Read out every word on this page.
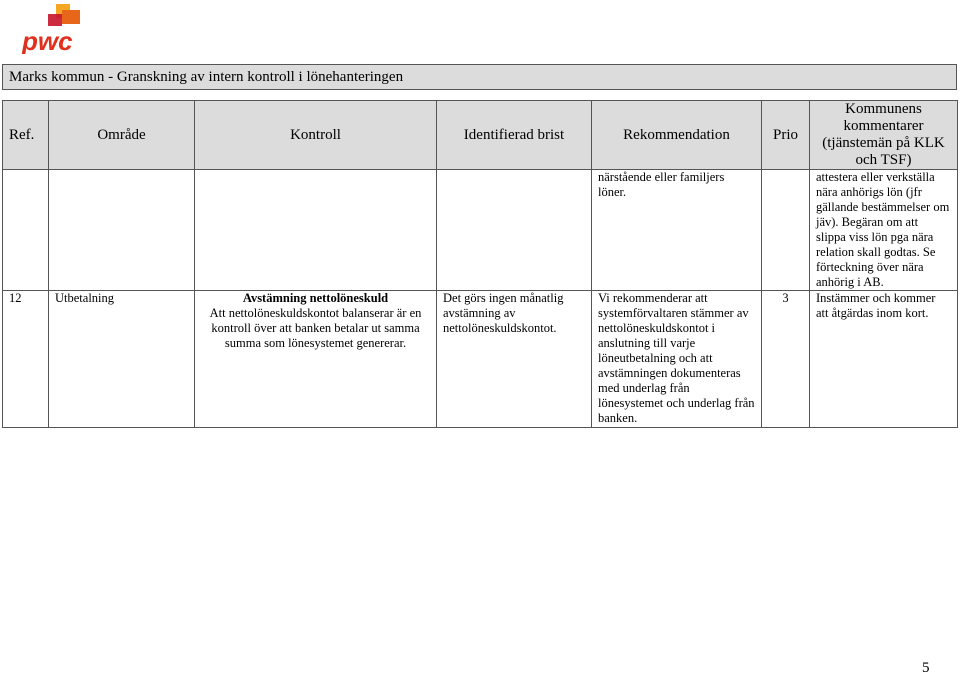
pwc
Marks kommun - Granskning av intern kontroll i lönehanteringen
Ref.	Område	Kontroll	Identifierad brist	Rekommendation	Prio	Kommunens kommentarer (tjänstemän på KLK och TSF)
				närstående eller familjers löner.		attestera eller verkställa nära anhörigs lön (jfr gällande bestämmelser om jäv). Begäran om att slippa viss lön pga nära relation skall godtas. Se förteckning över nära anhörig i AB.
12	Utbetalning	Avstämning nettolöneskuld
Att nettolöneskuldskontot balanserar är en kontroll över att banken betalar ut samma summa som lönesystemet genererar.	Det görs ingen månatlig avstämning av nettolöneskuldskontot.	Vi rekommenderar att systemförvaltaren stämmer av nettolöneskuldskontot i anslutning till varje löneutbetalning och att avstämningen dokumenteras med underlag från lönesystemet och underlag från banken.	3	Instämmer och kommer att åtgärdas inom kort.
5
